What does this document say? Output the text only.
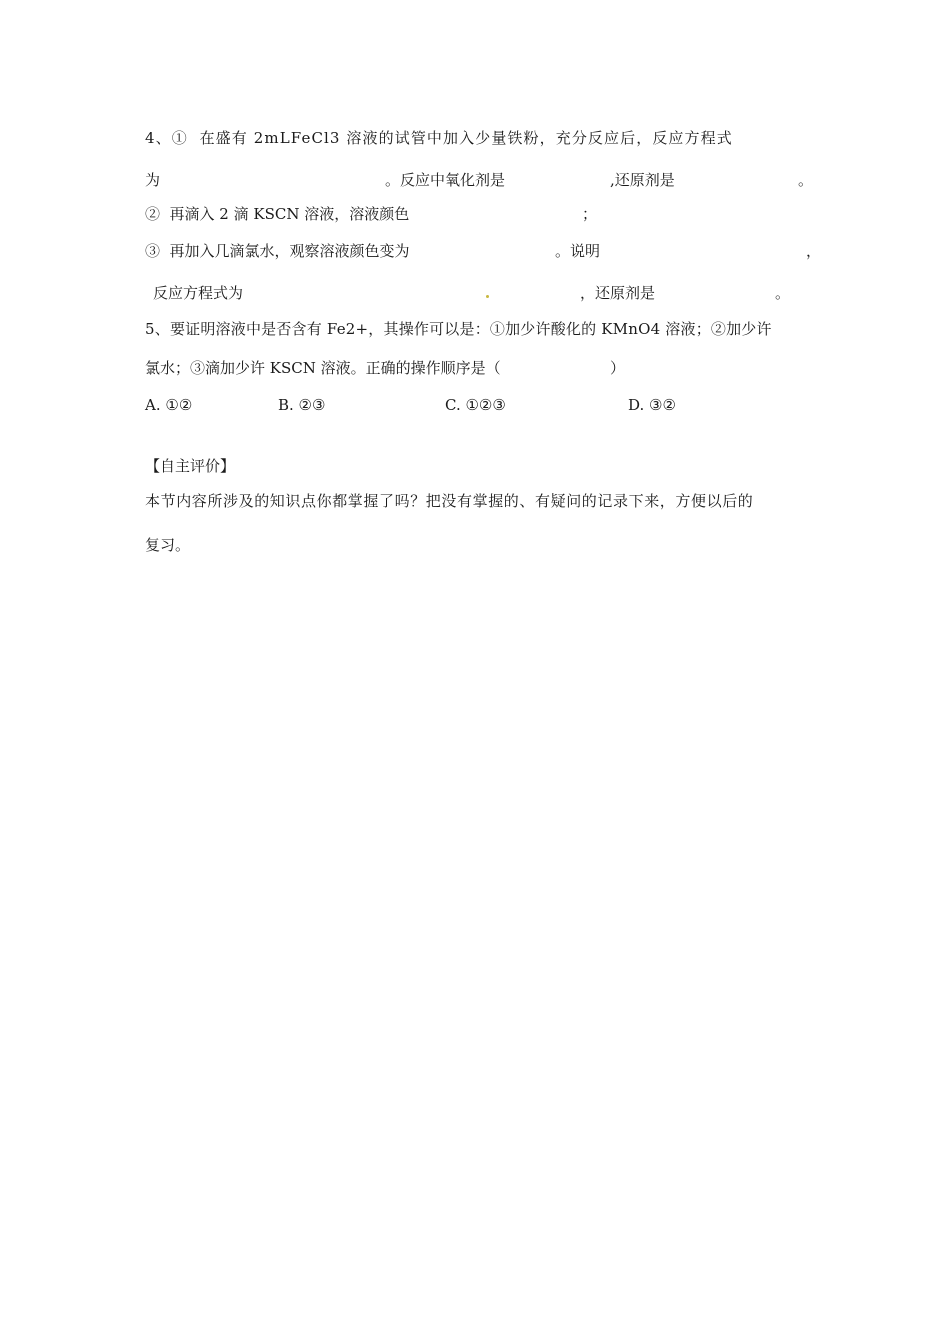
4、①  在盛有 2mLFeCl3 溶液的试管中加入少量铁粉，充分反应后，反应方程式
为	。反应中氧化剂是	,还原剂是	。
②  再滴入 2 滴 KSCN 溶液，溶液颜色	；
③  再加入几滴氯水，观察溶液颜色变为	。说明	，
反应方程式为	，还原剂是	。
5、要证明溶液中是否含有 Fe2+，其操作可以是：①加少许酸化的 KMnO4 溶液；②加少许
氯水；③滴加少许 KSCN 溶液。正确的操作顺序是（	）
A. ①②	B. ②③	C. ①②③	D. ③②
【自主评价】
本节内容所涉及的知识点你都掌握了吗？把没有掌握的、有疑问的记录下来，方便以后的
复习。
